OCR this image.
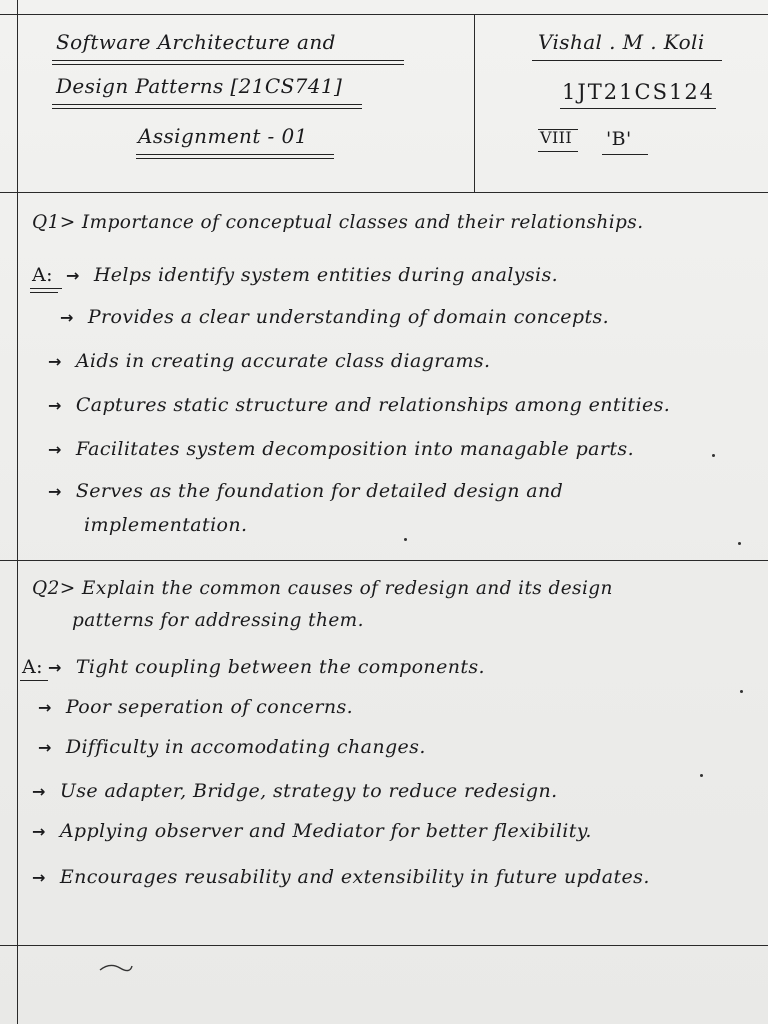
Software Architecture and
Design Patterns [21CS741]
Assignment - 01
Vishal . M . Koli
1JT21CS124
VIII 'B'
Q1> Importance of conceptual classes and their relationships.
A: → Helps identify system entities during analysis.
→ Provides a clear understanding of domain concepts.
→ Aids in creating accurate class diagrams.
→ Captures static structure and relationships among entities.
→ Facilitates system decomposition into managable parts.
→ Serves as the foundation for detailed design and
implementation.
Q2> Explain the common causes of redesign and its design
patterns for addressing them.
A: → Tight coupling between the components.
→ Poor seperation of concerns.
→ Difficulty in accomodating changes.
→ Use adapter, Bridge, strategy to reduce redesign.
→ Applying observer and Mediator for better flexibility.
→ Encourages reusability and extensibility in future updates.
